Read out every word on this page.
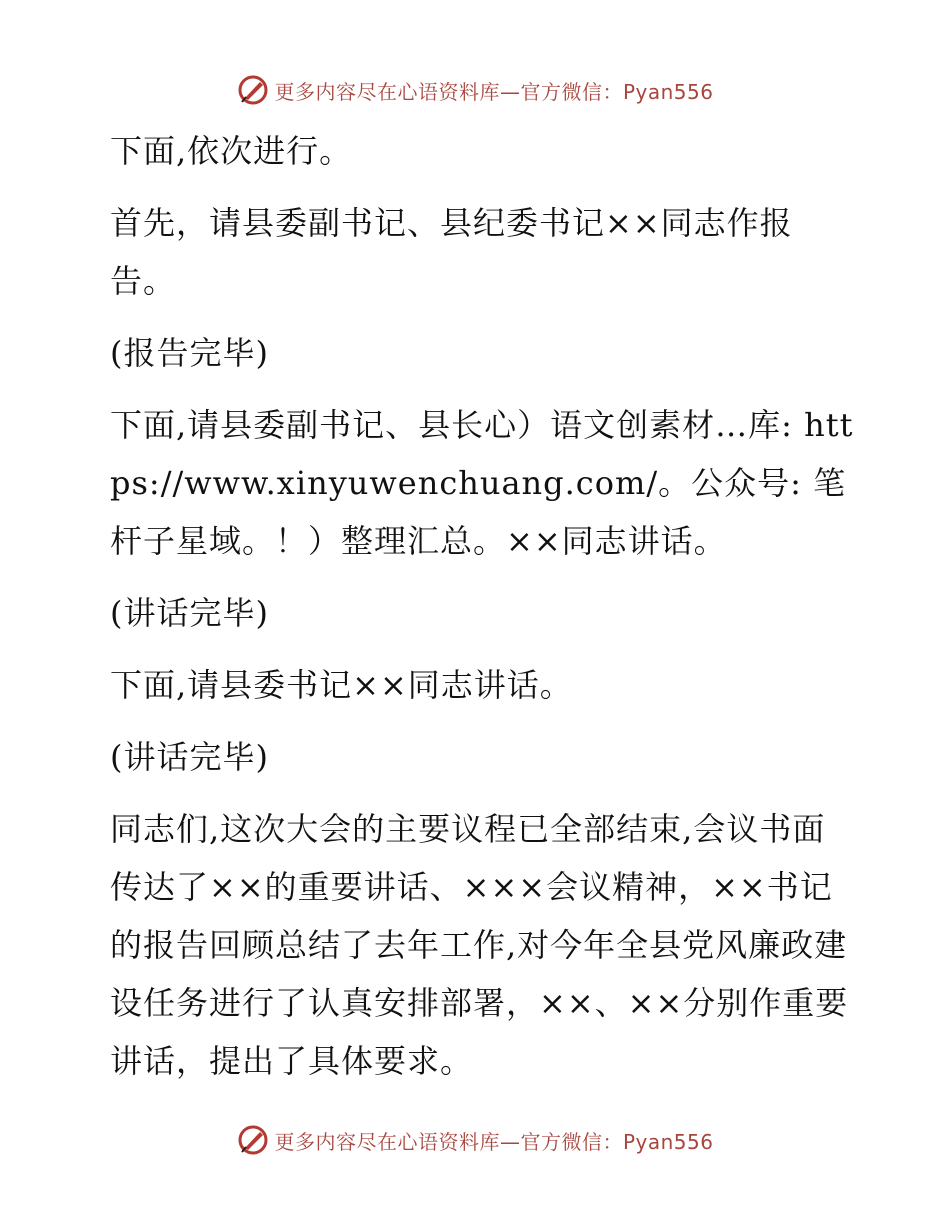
更多内容尽在心语资料库—官方微信：Pyan556

下面,依次进行。

首先，请县委副书记、县纪委书记××同志作报告。

(报告完毕)

下面,请县委副书记、县长心）语文创素材…库: https://www.xinyuwenchuang.com/。公众号: 笔杆子星域。！）整理汇总。××同志讲话。

(讲话完毕)

下面,请县委书记××同志讲话。

(讲话完毕)

同志们,这次大会的主要议程已全部结束,会议书面传达了××的重要讲话、×××会议精神，××书记的报告回顾总结了去年工作,对今年全县党风廉政建设任务进行了认真安排部署，××、××分别作重要讲话，提出了具体要求。

更多内容尽在心语资料库—官方微信：Pyan556
